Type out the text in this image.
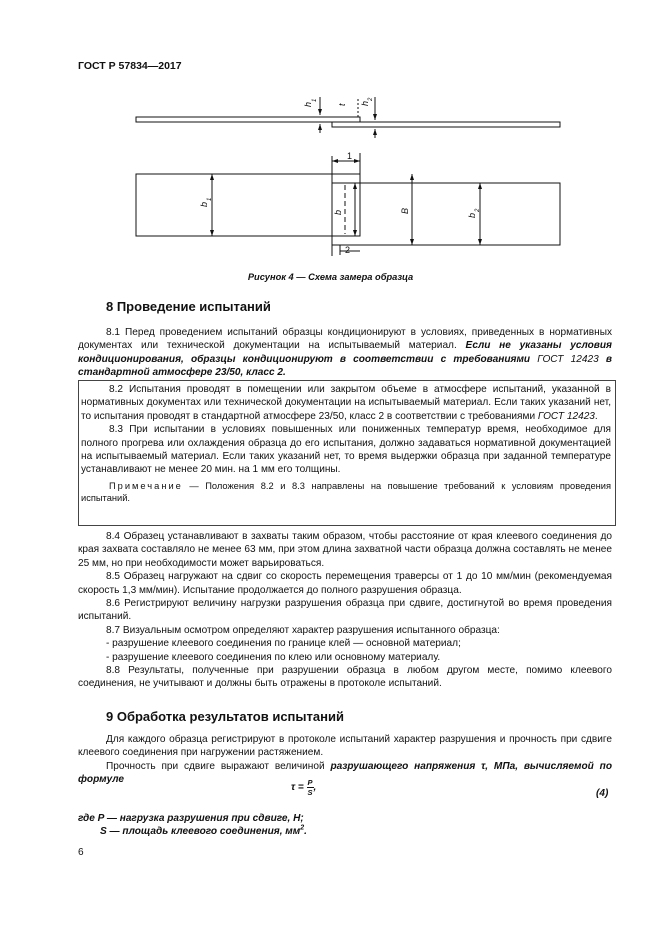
ГОСТ Р 57834—2017
h
1
t h
2
b
1
b	B
b
2
1
2
Рисунок 4 — Схема замера образца
8 Проведение испытаний

8.1 Перед проведением испытаний образцы кондиционируют в условиях, приведенных в нормативных документах или технической документации на испытываемый материал. Если не указаны условия кондиционирования, образцы кондиционируют в соответствии с требованиями ГОСТ 12423 в стандартной атмосфере 23/50, класс 2.

8.2 Испытания проводят в помещении или закрытом объеме в атмосфере испытаний, указанной в нормативных документах или технической документации на испытываемый материал. Если таких указаний нет, то испытания проводят в стандартной атмосфере 23/50, класс 2 в соответствии с требованиями ГОСТ 12423.

8.3 При испытании в условиях повышенных или пониженных температур время, необходимое для полного прогрева или охлаждения образца до его испытания, должно задаваться нормативной документацией на испытываемый материал. Если таких указаний нет, то время выдержки образца при заданной температуре устанавливают не менее 20 мин. на 1 мм его толщины.

Примечание — Положения 8.2 и 8.3 направлены на повышение требований к условиям проведения испытаний.

8.4 Образец устанавливают в захваты таким образом, чтобы расстояние от края клеевого соединения до края захвата составляло не менее 63 мм, при этом длина захватной части образца должна составлять не менее 25 мм, но при необходимости может варьироваться.

8.5 Образец нагружают на сдвиг со скорость перемещения траверсы от 1 до 10 мм/мин (рекомендуемая скорость 1,3 мм/мин). Испытание продолжается до полного разрушения образца.

8.6 Регистрируют величину нагрузки разрушения образца при сдвиге, достигнутой во время проведения испытаний.

8.7 Визуальным осмотром определяют характер разрушения испытанного образца:

- разрушение клеевого соединения по границе клей — основной материал;

- разрушение клеевого соединения по клею или основному материалу.

8.8 Результаты, полученные при разрушении образца в любом другом месте, помимо клеевого соединения, не учитывают и должны быть отражены в протоколе испытаний.

9 Обработка результатов испытаний

Для каждого образца регистрируют в протоколе испытаний характер разрушения и прочность при сдвиге клеевого соединения при нагружении растяжением.

Прочность при сдвиге выражают величиной разрушающего напряжения τ, МПа, вычисляемой по формуле

$\tau = \frac{P}{S}$,
(4)
где P — нагрузка разрушения при сдвиге, Н;
S — площадь клеевого соединения, $мм^2$.
6
